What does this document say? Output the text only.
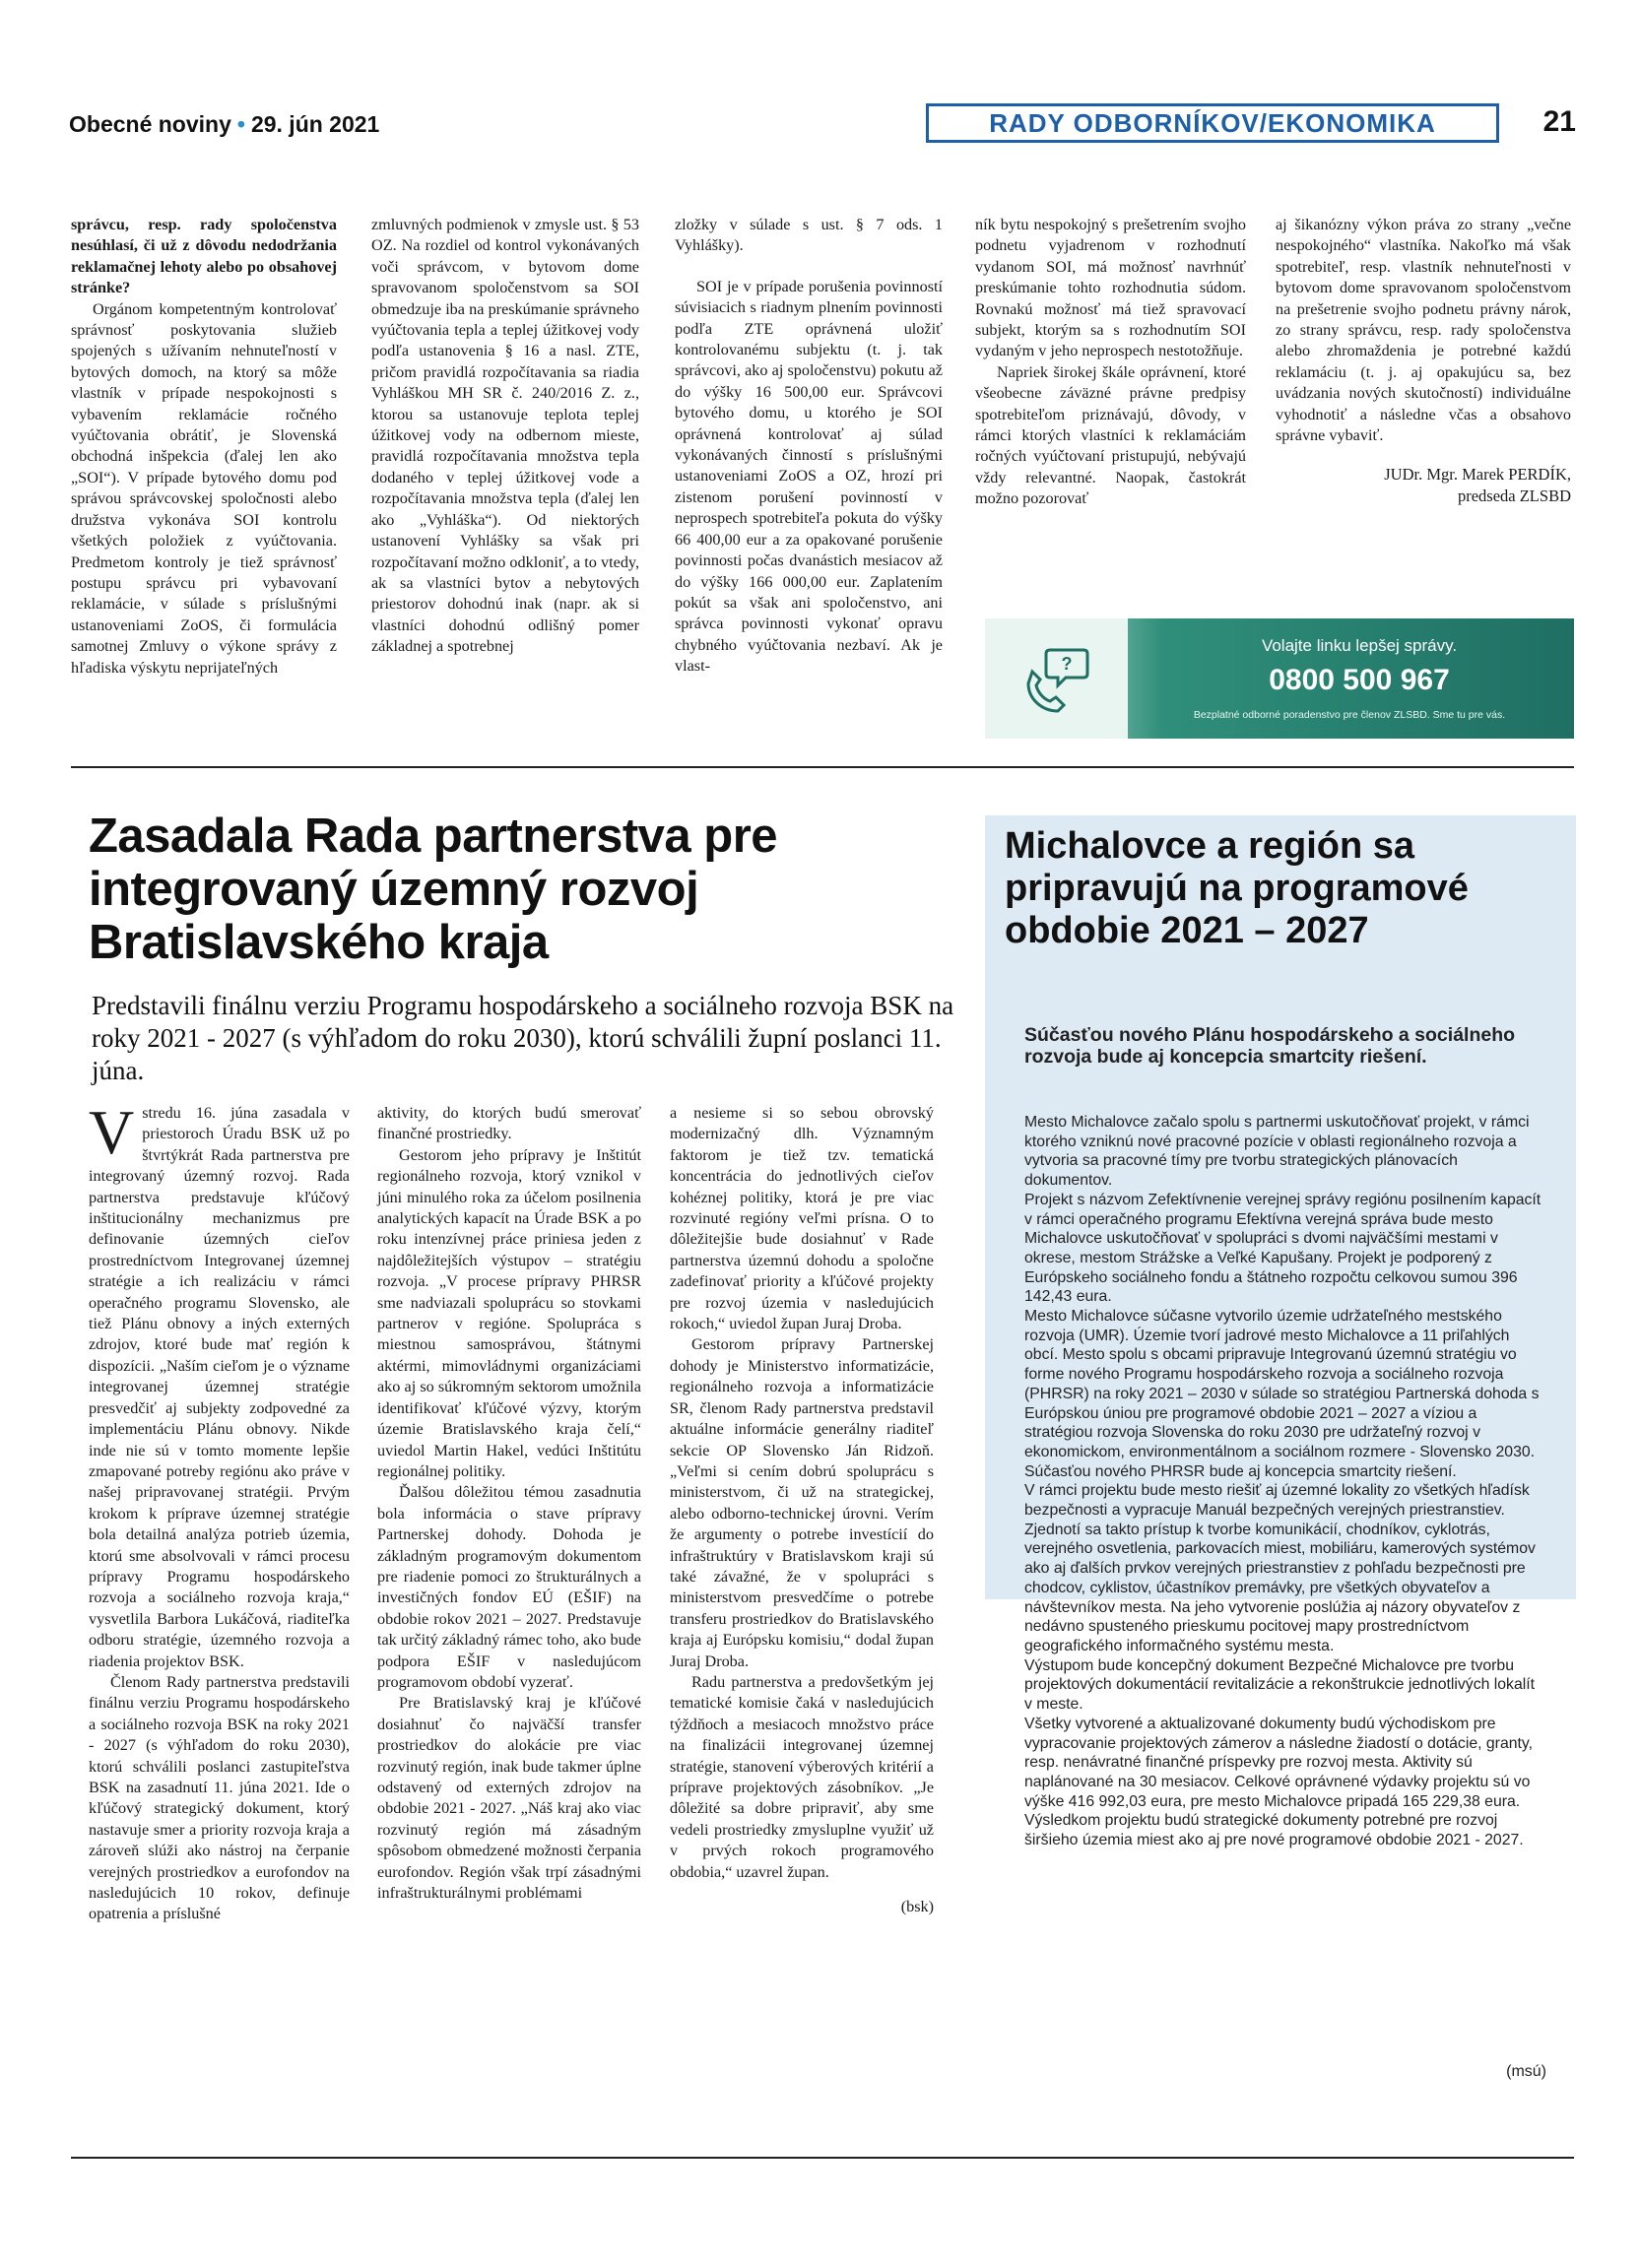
Obecné noviny • 29. jún 2021	RADY ODBORNÍKOV/EKONOMIKA	21

správcu, resp. rady spoločenstva nesúhlasí, či už z dôvodu nedodržania reklamačnej lehoty alebo po obsahovej stránke?

Orgánom kompetentným kontrolovať správnosť poskytovania služieb spojených s užívaním nehnuteľností v bytových domoch, na ktorý sa môže vlastník v prípade nespokojnosti s vybavením reklamácie ročného vyúčtovania obrátiť, je Slovenská obchodná inšpekcia (ďalej len ako „SOI“). V prípade bytového domu pod správou správcovskej spoločnosti alebo družstva vykonáva SOI kontrolu všetkých položiek z vyúčtovania. Predmetom kontroly je tiež správnosť postupu správcu pri vybavovaní reklamácie, v súlade s príslušnými ustanoveniami ZoOS, či formulácia samotnej Zmluvy o výkone správy z hľadiska výskytu neprijateľných

zmluvných podmienok v zmysle ust. § 53 OZ. Na rozdiel od kontrol vykonávaných voči správcom, v bytovom dome spravovanom spoločenstvom sa SOI obmedzuje iba na preskúmanie správneho vyúčtovania tepla a teplej úžitkovej vody podľa ustanovenia § 16 a nasl. ZTE, pričom pravidlá rozpočítavania sa riadia Vyhláškou MH SR č. 240/2016 Z. z., ktorou sa ustanovuje teplota teplej úžitkovej vody na odbernom mieste, pravidlá rozpočítavania množstva tepla dodaného v teplej úžitkovej vode a rozpočítavania množstva tepla (ďalej len ako „Vyhláška“). Od niektorých ustanovení Vyhlášky sa však pri rozpočítavaní možno odkloniť, a to vtedy, ak sa vlastníci bytov a nebytových priestorov dohodnú inak (napr. ak si vlastníci dohodnú odlišný pomer základnej a spotrebnej

zložky v súlade s ust. § 7 ods. 1 Vyhlášky).

SOI je v prípade porušenia povinností súvisiacich s riadnym plnením povinnosti podľa ZTE oprávnená uložiť kontrolovanému subjektu (t. j. tak správcovi, ako aj spoločenstvu) pokutu až do výšky 16 500,00 eur. Správcovi bytového domu, u ktorého je SOI oprávnená kontrolovať aj súlad vykonávaných činností s príslušnými ustanoveniami ZoOS a OZ, hrozí pri zistenom porušení povinností v neprospech spotrebiteľa pokuta do výšky 66 400,00 eur a za opakované porušenie povinnosti počas dvanástich mesiacov až do výšky 166 000,00 eur. Zaplatením pokút sa však ani spoločenstvo, ani správca povinnosti vykonať opravu chybného vyúčtovania nezbaví. Ak je vlast-

ník bytu nespokojný s prešetrením svojho podnetu vyjadrenom v rozhodnutí vydanom SOI, má možnosť navrhnúť preskúmanie tohto rozhodnutia súdom. Rovnakú možnosť má tiež spravovací subjekt, ktorým sa s rozhodnutím SOI vydaným v jeho neprospech nestotožňuje.

Napriek širokej škále oprávnení, ktoré všeobecne záväzné právne predpisy spotrebiteľom priznávajú, dôvody, v rámci ktorých vlastníci k reklamáciám ročných vyúčtovaní pristupujú, nebývajú vždy relevantné. Naopak, častokrát možno pozorovať

aj šikanózny výkon práva zo strany „večne nespokojného“ vlastníka. Nakoľko má však spotrebiteľ, resp. vlastník nehnuteľnosti v bytovom dome spravovanom spoločenstvom na prešetrenie svojho podnetu právny nárok, zo strany správcu, resp. rady spoločenstva alebo zhromaždenia je potrebné každú reklamáciu (t. j. aj opakujúcu sa, bez uvádzania nových skutočností) individuálne vyhodnotiť a následne včas a obsahovo správne vybaviť.

JUDr. Mgr. Marek PERDÍK,
predseda ZLSBD
?
Volajte linku lepšej správy.
0800 500 967
Bezplatné odborné poradenstvo pre členov ZLSBD. Sme tu pre vás.
Zasadala Rada partnerstva pre integrovaný územný rozvoj Bratislavského kraja
Predstavili finálnu verziu Programu hospodárskeho a sociálneho rozvoja BSK na roky 2021 - 2027 (s výhľadom do roku 2030), ktorú schválili župní poslanci 11. júna.

Vstredu 16. júna zasadala v priestoroch Úradu BSK už po štvrtýkrát Rada partnerstva pre integrovaný územný rozvoj. Rada partnerstva predstavuje kľúčový inštitucionálny mechanizmus pre definovanie územných cieľov prostredníctvom Integrovanej územnej stratégie a ich realizáciu v rámci operačného programu Slovensko, ale tiež Plánu obnovy a iných externých zdrojov, ktoré bude mať región k dispozícii. „Naším cieľom je o význame integrovanej územnej stratégie presvedčiť aj subjekty zodpovedné za implementáciu Plánu obnovy. Nikde inde nie sú v tomto momente lepšie zmapované potreby regiónu ako práve v našej pripravovanej stratégii. Prvým krokom k príprave územnej stratégie bola detailná analýza potrieb územia, ktorú sme absolvovali v rámci procesu prípravy Programu hospodárskeho rozvoja a sociálneho rozvoja kraja,“ vysvetlila Barbora Lukáčová, riaditeľka odboru stratégie, územného rozvoja a riadenia projektov BSK.

Členom Rady partnerstva predstavili finálnu verziu Programu hospodárskeho a sociálneho rozvoja BSK na roky 2021 - 2027 (s výhľadom do roku 2030), ktorú schválili poslanci zastupiteľstva BSK na zasadnutí 11. júna 2021. Ide o kľúčový strategický dokument, ktorý nastavuje smer a priority rozvoja kraja a zároveň slúži ako nástroj na čerpanie verejných prostriedkov a eurofondov na nasledujúcich 10 rokov, definuje opatrenia a príslušné

aktivity, do ktorých budú smerovať finančné prostriedky.

Gestorom jeho prípravy je Inštitút regionálneho rozvoja, ktorý vznikol v júni minulého roka za účelom posilnenia analytických kapacít na Úrade BSK a po roku intenzívnej práce priniesa jeden z najdôležitejších výstupov – stratégiu rozvoja. „V procese prípravy PHRSR sme nadviazali spoluprácu so stovkami partnerov v regióne. Spolupráca s miestnou samosprávou, štátnymi aktérmi, mimovládnymi organizáciami ako aj so súkromným sektorom umožnila identifikovať kľúčové výzvy, ktorým územie Bratislavského kraja čelí,“ uviedol Martin Hakel, vedúci Inštitútu regionálnej politiky.

Ďalšou dôležitou témou zasadnutia bola informácia o stave prípravy Partnerskej dohody. Dohoda je základným programovým dokumentom pre riadenie pomoci zo štrukturálnych a investičných fondov EÚ (EŠIF) na obdobie rokov 2021 – 2027. Predstavuje tak určitý základný rámec toho, ako bude podpora EŠIF v nasledujúcom programovom období vyzerať.

Pre Bratislavský kraj je kľúčové dosiahnuť čo najväčší transfer prostriedkov do alokácie pre viac rozvinutý región, inak bude takmer úplne odstavený od externých zdrojov na obdobie 2021 - 2027. „Náš kraj ako viac rozvinutý región má zásadným spôsobom obmedzené možnosti čerpania eurofondov. Región však trpí zásadnými infraštrukturálnymi problémami

a nesieme si so sebou obrovský modernizačný dlh. Významným faktorom je tiež tzv. tematická koncentrácia do jednotlivých cieľov kohéznej politiky, ktorá je pre viac rozvinuté regióny veľmi prísna. O to dôležitejšie bude dosiahnuť v Rade partnerstva územnú dohodu a spoločne zadefinovať priority a kľúčové projekty pre rozvoj územia v nasledujúcich rokoch,“ uviedol župan Juraj Droba.

Gestorom prípravy Partnerskej dohody je Ministerstvo informatizácie, regionálneho rozvoja a informatizácie SR, členom Rady partnerstva predstavil aktuálne informácie generálny riaditeľ sekcie OP Slovensko Ján Ridzoň. „Veľmi si cením dobrú spoluprácu s ministerstvom, či už na strategickej, alebo odborno-technickej úrovni. Verím že argumenty o potrebe investícií do infraštruktúry v Bratislavskom kraji sú také závažné, že v spolupráci s ministerstvom presvedčíme o potrebe transferu prostriedkov do Bratislavského kraja aj Európsku komisiu,“ dodal župan Juraj Droba.

Radu partnerstva a predovšetkým jej tematické komisie čaká v nasledujúcich týždňoch a mesiacoch množstvo práce na finalizácii integrovanej územnej stratégie, stanovení výberových kritérií a príprave projektových zásobníkov. „Je dôležité sa dobre pripraviť, aby sme vedeli prostriedky zmysluplne využiť už v prvých rokoch programového obdobia,“ uzavrel župan.

(bsk)
Michalovce a región sa pripravujú na programové obdobie 2021 – 2027
Súčasťou nového Plánu hospodárskeho a sociálneho rozvoja bude aj koncepcia smartcity riešení.

Mesto Michalovce začalo spolu s partnermi uskutočňovať projekt, v rámci ktorého vzniknú nové pracovné pozície v oblasti regionálneho rozvoja a vytvoria sa pracovné tímy pre tvorbu strategických plánovacích dokumentov.

Projekt s názvom Zefektívnenie verejnej správy regiónu posilnením kapacít v rámci operačného programu Efektívna verejná správa bude mesto Michalovce uskutočňovať v spolupráci s dvomi najväčšími mestami v okrese, mestom Strážske a Veľké Kapušany. Projekt je podporený z Európskeho sociálneho fondu a štátneho rozpočtu celkovou sumou 396 142,43 eura.

Mesto Michalovce súčasne vytvorilo územie udržateľného mestského rozvoja (UMR). Územie tvorí jadrové mesto Michalovce a 11 priľahlých obcí. Mesto spolu s obcami pripravuje Integrovanú územnú stratégiu vo forme nového Programu hospodárskeho rozvoja a sociálneho rozvoja (PHRSR) na roky 2021 – 2030 v súlade so stratégiou Partnerská dohoda s Európskou úniou pre programové obdobie 2021 – 2027 a víziou a stratégiou rozvoja Slovenska do roku 2030 pre udržateľný rozvoj v ekonomickom, environmentálnom a sociálnom rozmere - Slovensko 2030. Súčasťou nového PHRSR bude aj koncepcia smartcity riešení.

V rámci projektu bude mesto riešiť aj územné lokality zo všetkých hľadísk bezpečnosti a vypracuje Manuál bezpečných verejných priestranstiev. Zjednotí sa takto prístup k tvorbe komunikácií, chodníkov, cyklotrás, verejného osvetlenia, parkovacích miest, mobiliáru, kamerových systémov ako aj ďalších prvkov verejných priestranstiev z pohľadu bezpečnosti pre chodcov, cyklistov, účastníkov premávky, pre všetkých obyvateľov a návštevníkov mesta. Na jeho vytvorenie poslúžia aj názory obyvateľov z nedávno spusteného prieskumu pocitovej mapy prostredníctvom geografického informačného systému mesta.

Výstupom bude koncepčný dokument Bezpečné Michalovce pre tvorbu projektových dokumentácií revitalizácie a rekonštrukcie jednotlivých lokalít v meste.

Všetky vytvorené a aktualizované dokumenty budú východiskom pre vypracovanie projektových zámerov a následne žiadostí o dotácie, granty, resp. nenávratné finančné príspevky pre rozvoj mesta. Aktivity sú naplánované na 30 mesiacov. Celkové oprávnené výdavky projektu sú vo výške 416 992,03 eura, pre mesto Michalovce pripadá 165 229,38 eura.

Výsledkom projektu budú strategické dokumenty potrebné pre rozvoj širšieho územia miest ako aj pre nové programové obdobie 2021 - 2027.

(msú)
